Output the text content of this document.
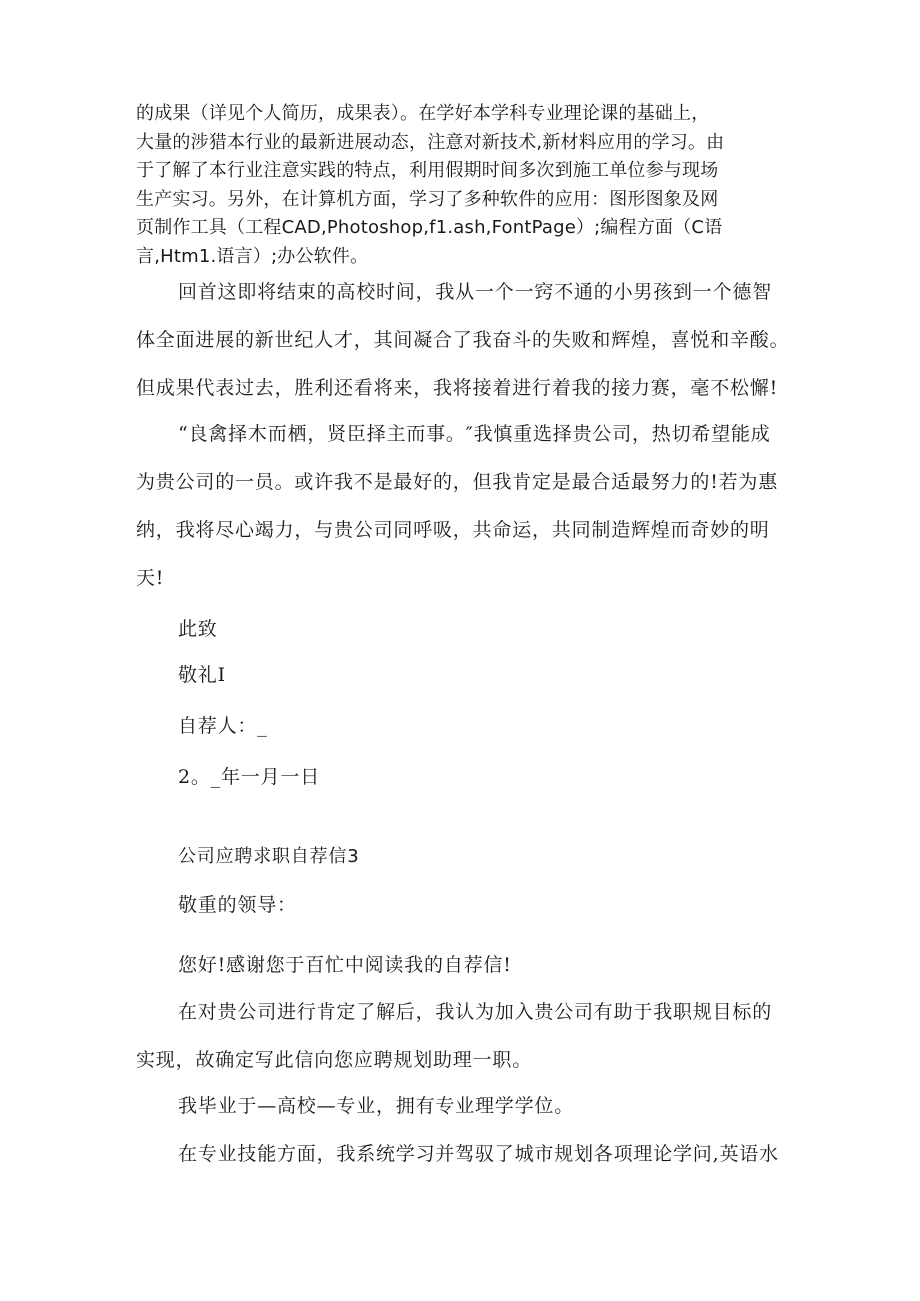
的成果（详见个人简历，成果表）。在学好本学科专业理论课的基础上，
大量的涉猎本行业的最新进展动态，注意对新技术,新材料应用的学习。由
于了解了本行业注意实践的特点，利用假期时间多次到施工单位参与现场
生产实习。另外，在计算机方面，学习了多种软件的应用：图形图象及网
页制作工具（工程CAD,Photoshop,f1.ash,FontPage）;编程方面（C语
言,Htm1.语言）;办公软件。
回首这即将结束的高校时间，我从一个一窍不通的小男孩到一个德智
体全面进展的新世纪人才，其间凝合了我奋斗的失败和辉煌，喜悦和辛酸。
但成果代表过去，胜利还看将来，我将接着进行着我的接力赛，毫不松懈!
“良禽择木而栖，贤臣择主而事。″我慎重选择贵公司，热切希望能成
为贵公司的一员。或许我不是最好的，但我肯定是最合适最努力的!若为惠
纳，我将尽心竭力，与贵公司同呼吸，共命运，共同制造辉煌而奇妙的明
天!

此致

敬礼I

自荐人：_

2。_年一月一日

公司应聘求职自荐信3

敬重的领导：

您好!感谢您于百忙中阅读我的自荐信!

在对贵公司进行肯定了解后，我认为加入贵公司有助于我职规目标的
实现，故确定写此信向您应聘规划助理一职。

我毕业于—高校—专业，拥有专业理学学位。

在专业技能方面，我系统学习并驾驭了城市规划各项理论学问,英语水
